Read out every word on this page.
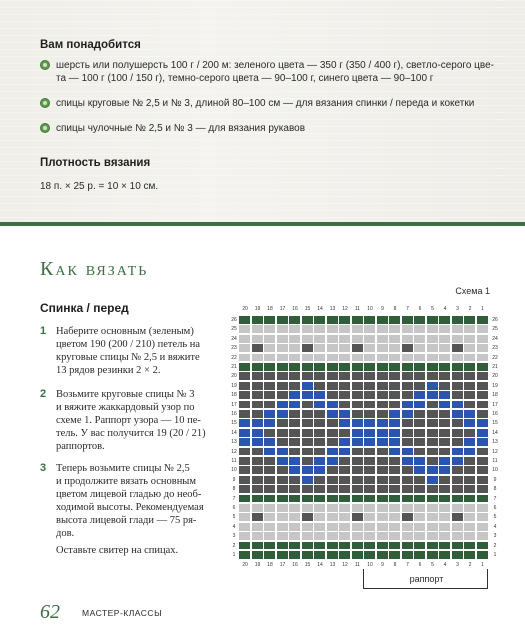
Вам понадобится
шерсть или полушерсть 100 г / 200 м: зеленого цвета — 350 г (350 / 400 г), светло-серого цве-
та — 100 г (100 / 150 г), темно-серого цвета — 90–100 г, синего цвета — 90–100 г
спицы круговые № 2,5 и № 3, длиной 80–100 см — для вязания спинки / переда и кокетки
спицы чулочные № 2,5 и № 3 — для вязания рукавов
Плотность вязания
18 п. × 25 р. = 10 × 10 см.
Как вязать
Спинка / перед
1 Наберите основным (зеленым)
цветом 190 (200 / 210) петель на
круговые спицы № 2,5 и вяжите
13 рядов резинки 2 × 2.
2 Возьмите круговые спицы № 3
и вяжите жаккардовый узор по
схеме 1. Раппорт узора — 10 пе-
тель. У вас получится 19 (20 / 21)
раппортов.
3 Теперь возьмите спицы № 2,5
и продолжите вязать основным
цветом лицевой гладью до необ-
ходимой высоты. Рекомендуемая
высота лицевой глади — 75 ря-
дов.
Оставьте свитер на спицах.
Схема 1
20	19	18	17	16	15	14	13	12	11	10	9	8	7	6	5	4	3	2	1
20	19	18	17	16	15	14	13	12	11	10	9	8	7	6	5	4	3	2	1
26	26
25	25
24	24
23	23
22	22
21	21
20	20
19	19
18	18
17	17
16	16
15	15
14	14
13	13
12	12
11	11
10	10
9	9
8	8
7	7
6	6
5	5
4	4
3	3
2	2
1	1
раппорт
62	МАСТЕР-КЛАССЫ
